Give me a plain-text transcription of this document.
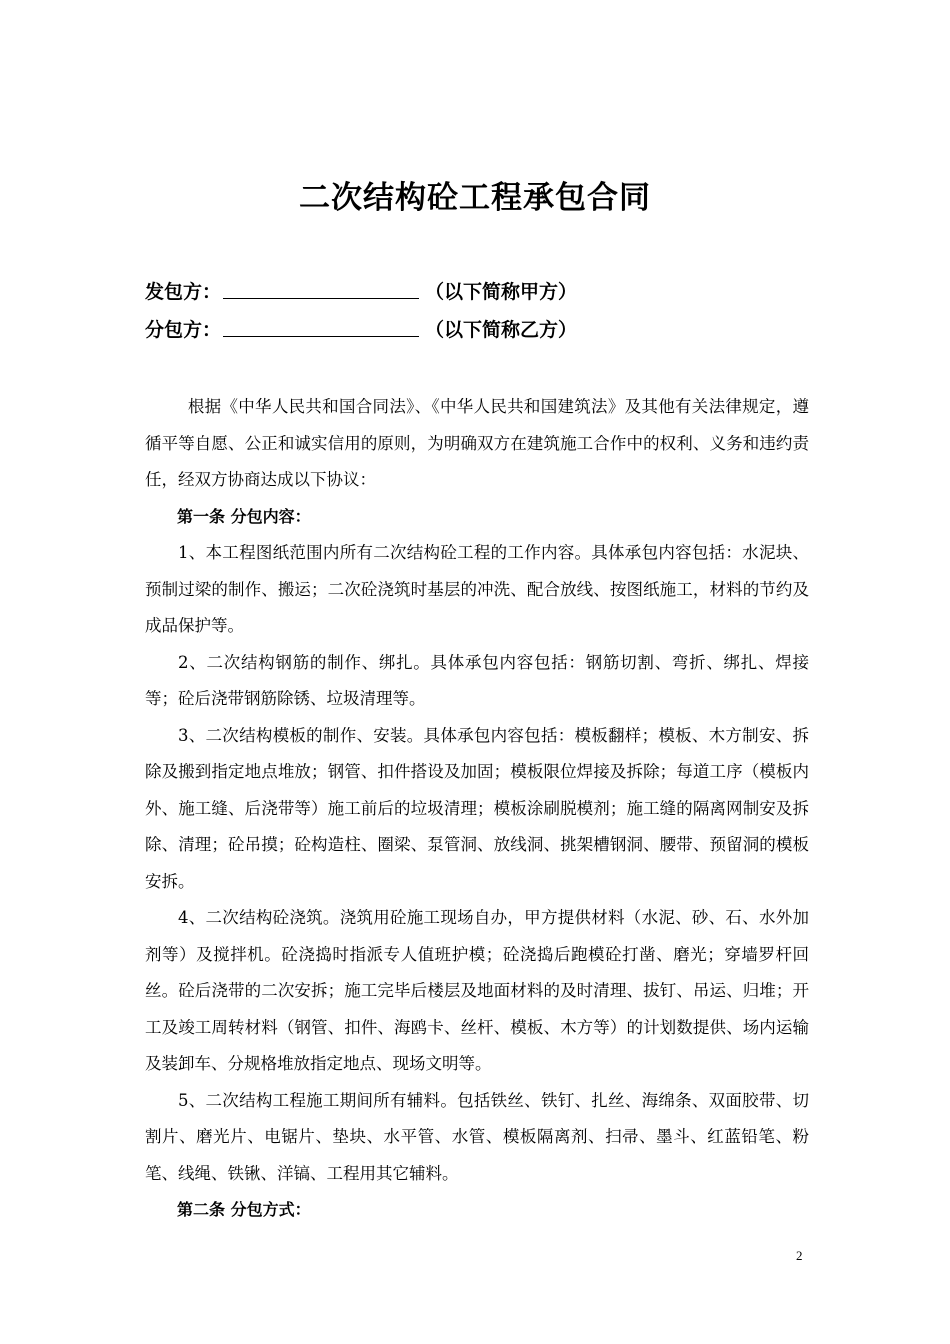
二次结构砼工程承包合同
发包方：	（以下简称甲方）
分包方：	（以下简称乙方）

根据《中华人民共和国合同法》、《中华人民共和国建筑法》及其他有关法律规定，遵循平等自愿、公正和诚实信用的原则，为明确双方在建筑施工合作中的权利、义务和违约责任，经双方协商达成以下协议：

第一条 分包内容：

1、本工程图纸范围内所有二次结构砼工程的工作内容。具体承包内容包括：水泥块、预制过梁的制作、搬运；二次砼浇筑时基层的冲洗、配合放线、按图纸施工，材料的节约及成品保护等。

2、二次结构钢筋的制作、绑扎。具体承包内容包括：钢筋切割、弯折、绑扎、焊接等；砼后浇带钢筋除锈、垃圾清理等。

3、二次结构模板的制作、安装。具体承包内容包括：模板翻样；模板、木方制安、拆除及搬到指定地点堆放；钢管、扣件搭设及加固；模板限位焊接及拆除；每道工序（模板内外、施工缝、后浇带等）施工前后的垃圾清理；模板涂刷脱模剂；施工缝的隔离网制安及拆除、清理；砼吊摸；砼构造柱、圈梁、泵管洞、放线洞、挑架槽钢洞、腰带、预留洞的模板安拆。

4、二次结构砼浇筑。浇筑用砼施工现场自办，甲方提供材料（水泥、砂、石、水外加剂等）及搅拌机。砼浇捣时指派专人值班护模；砼浇捣后跑模砼打凿、磨光；穿墙罗杆回丝。砼后浇带的二次安拆；施工完毕后楼层及地面材料的及时清理、拔钉、吊运、归堆；开工及竣工周转材料（钢管、扣件、海鸥卡、丝杆、模板、木方等）的计划数提供、场内运输及装卸车、分规格堆放指定地点、现场文明等。

5、二次结构工程施工期间所有辅料。包括铁丝、铁钉、扎丝、海绵条、双面胶带、切割片、磨光片、电锯片、垫块、水平管、水管、模板隔离剂、扫帚、墨斗、红蓝铅笔、粉笔、线绳、铁锹、洋镐、工程用其它辅料。

第二条 分包方式：

2
